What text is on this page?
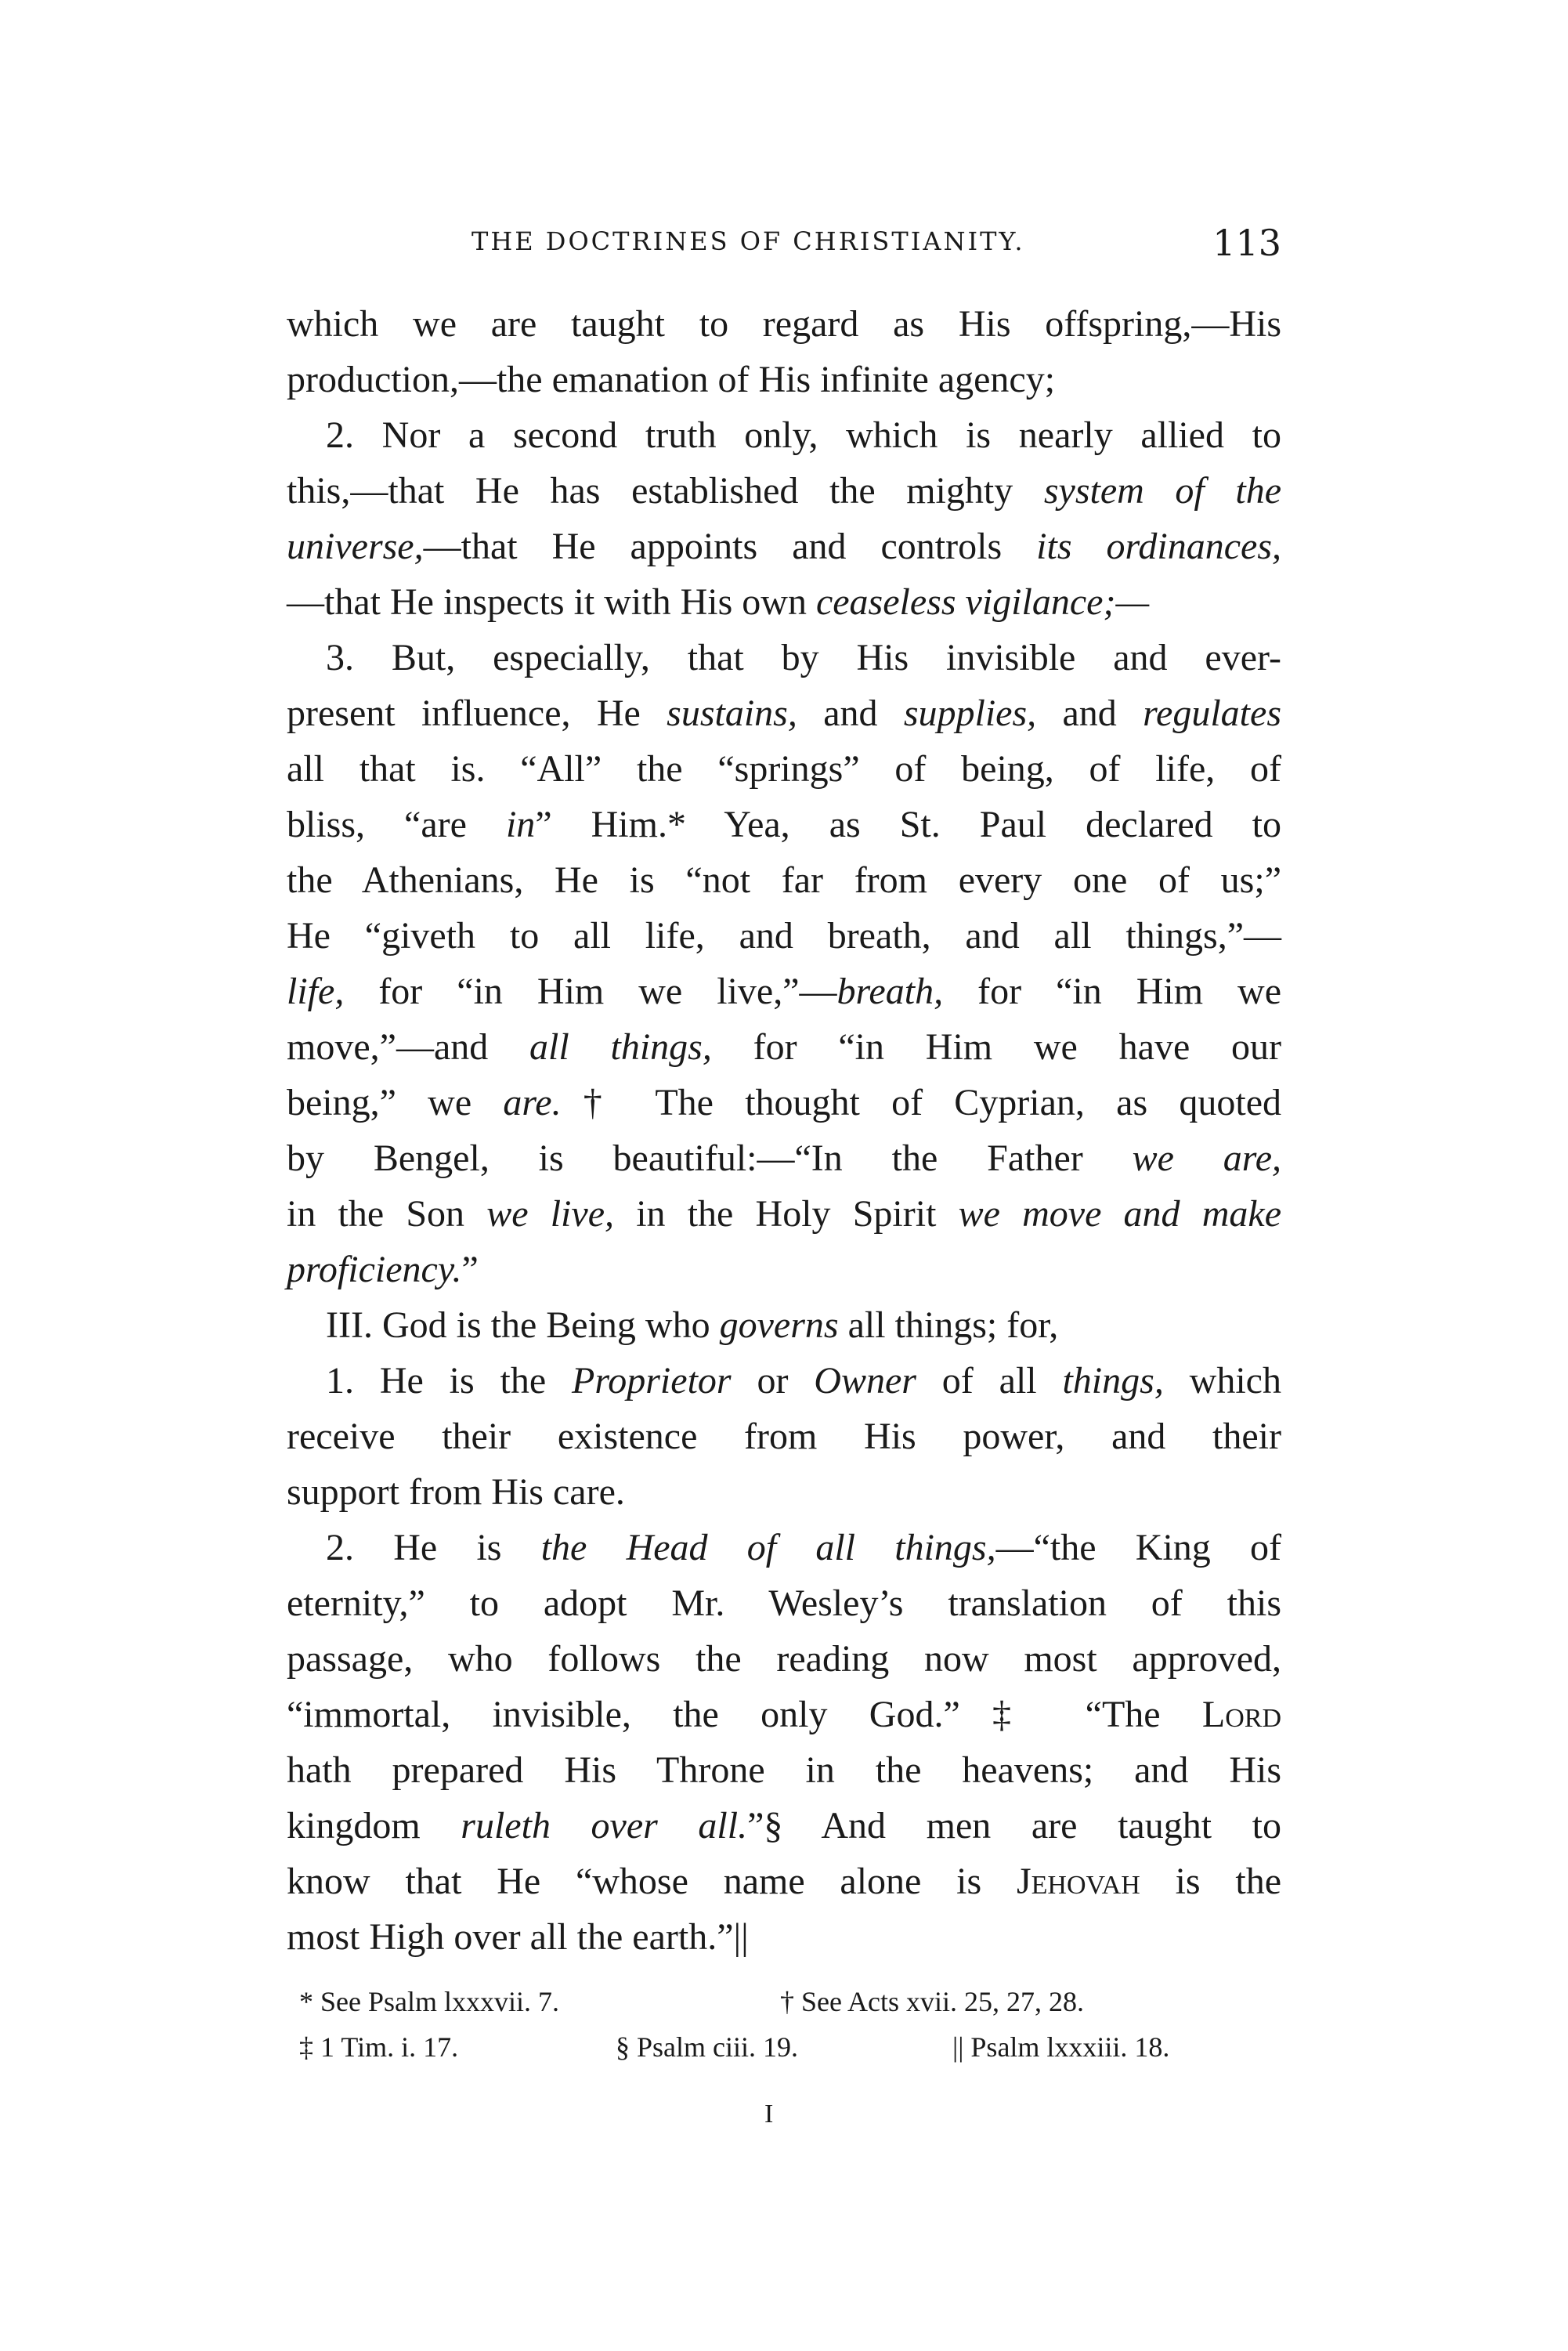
THE DOCTRINES OF CHRISTIANITY.	113
which we are taught to regard as His offspring,—His
production,—the emanation of His infinite agency;
2. Nor a second truth only, which is nearly allied to
this,—that He has established the mighty system of the
universe,—that He appoints and controls its ordinances,
—that He inspects it with His own ceaseless vigilance;—
3. But, especially, that by His invisible and ever-
present influence, He sustains, and supplies, and regulates
all that is. “All” the “springs” of being, of life, of
bliss, “are in” Him.* Yea, as St. Paul declared to
the Athenians, He is “not far from every one of us;”
He “giveth to all life, and breath, and all things,”—
life, for “in Him we live,”—breath, for “in Him we
move,”—and all things, for “in Him we have our
being,” we are.† The thought of Cyprian, as quoted
by Bengel, is beautiful:—“In the Father we are,
in the Son we live, in the Holy Spirit we move and make
proficiency.”
III. God is the Being who governs all things; for,
1. He is the Proprietor or Owner of all things, which
receive their existence from His power, and their
support from His care.
2. He is the Head of all things,—“the King of
eternity,” to adopt Mr. Wesley’s translation of this
passage, who follows the reading now most approved,
“immortal, invisible, the only God.”‡ “The Lord
hath prepared His Throne in the heavens; and His
kingdom ruleth over all.”§ And men are taught to
know that He “whose name alone is Jehovah is the
most High over all the earth.”||
* See Psalm lxxxvii. 7.	† See Acts xvii. 25, 27, 28.
‡ 1 Tim. i. 17.	§ Psalm ciii. 19.	|| Psalm lxxxiii. 18.
I
